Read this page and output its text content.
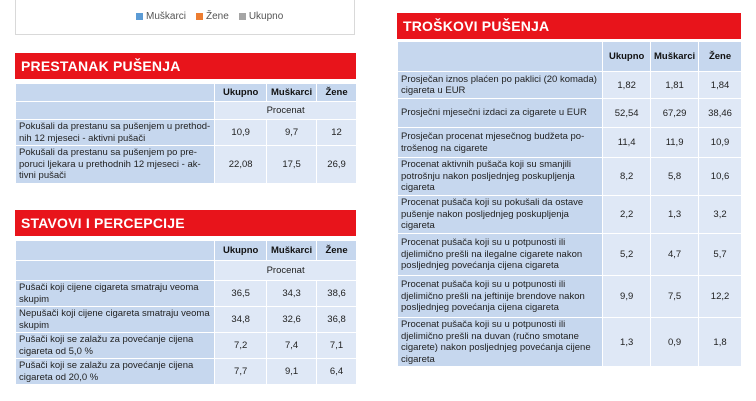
Muškarci Žene Ukupno
PRESTANAK PUŠENJA
	Ukupno	Muškarci	Žene
	Procenat		
Pokušali da prestanu sa pušenjem u prethod-nih 12 mjeseci - aktivni pušači	10,9	9,7	12
Pokušali da prestanu sa pušenjem po pre-poruci ljekara u prethodnih 12 mjeseci - ak-tivni pušači	22,08	17,5	26,9
STAVOVI I PERCEPCIJE
	Ukupno	Muškarci	Žene
	Procenat		
Pušači koji cijene cigareta smatraju veoma skupim	36,5	34,3	38,6
Nepušači koji cijene cigareta smatraju veoma skupim	34,8	32,6	36,8
Pušači koji se zalažu za povećanje cijena cigareta od 5,0 %	7,2	7,4	7,1
Pušači koji se zalažu za povećanje cijena cigareta od 20,0 %	7,7	9,1	6,4
TROŠKOVI PUŠENJA
	Ukupno	Muškarci	Žene
Prosječan iznos plaćen po paklici (20 komada) cigareta u EUR	1,82	1,81	1,84
Prosječni mjesečni izdaci za cigarete u EUR	52,54	67,29	38,46
Prosječan procenat mjesečnog budžeta po-trošenog na cigarete	11,4	11,9	10,9
Procenat aktivnih pušača koji su smanjili potrošnju nakon posljednjeg poskupljenja cigareta	8,2	5,8	10,6
Procenat pušača koji su pokušali da ostave pušenje nakon posljednjeg poskupljenja cigareta	2,2	1,3	3,2
Procenat pušača koji su u potpunosti ili djelimično prešli na ilegalne cigarete nakon posljednjeg povećanja cijena cigareta	5,2	4,7	5,7
Procenat pušača koji su u potpunosti ili djelimično prešli na jeftinije brendove nakon posljednjeg povećanja cijena cigareta	9,9	7,5	12,2
Procenat pušača koji su u potpunosti ili djelimično prešli na duvan (ručno smotane cigarete) nakon posljednjeg povećanja cijene cigareta	1,3	0,9	1,8
